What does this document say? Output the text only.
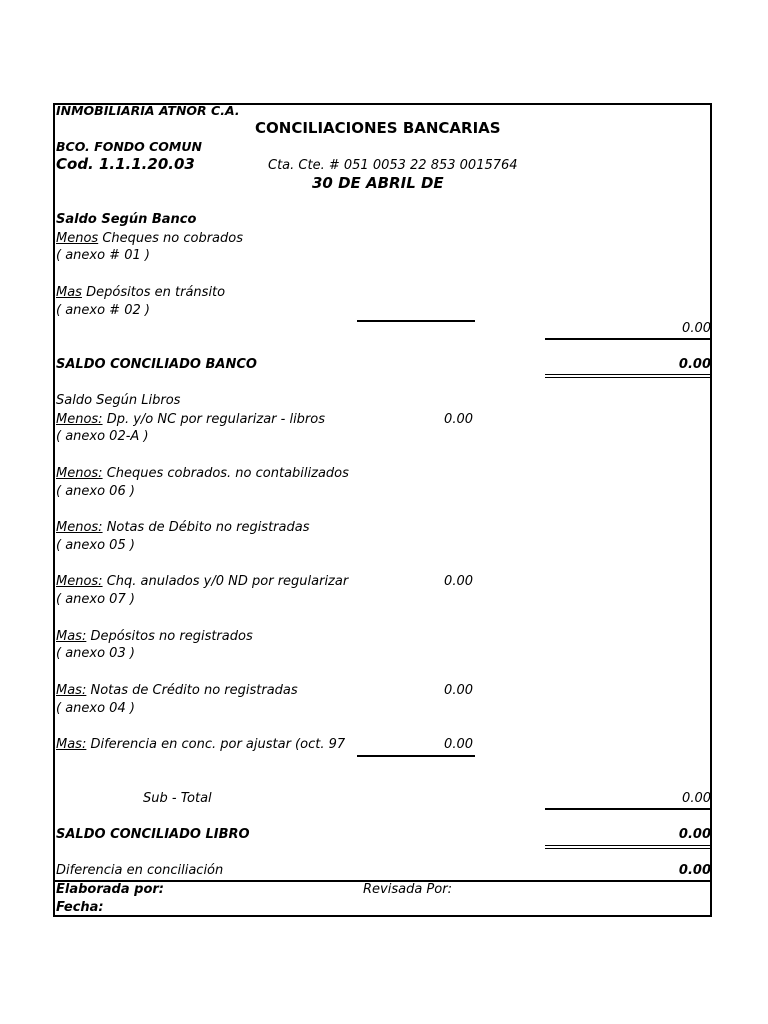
INMOBILIARIA ATNOR C.A.
CONCILIACIONES BANCARIAS
BCO. FONDO COMUN
Cod. 1.1.1.20.03	Cta. Cte. # 051 0053 22 853 0015764
30 DE ABRIL DE
Saldo Según Banco
Menos Cheques no cobrados
( anexo # 01 )
Mas Depósitos en tránsito
( anexo # 02 )
0.00
SALDO CONCILIADO BANCO	0.00
Saldo Según Libros
Menos: Dp. y/o NC por regularizar - libros	0.00
( anexo 02-A )
Menos: Cheques cobrados. no contabilizados
( anexo 06 )
Menos: Notas de Débito no registradas
( anexo 05 )
Menos: Chq. anulados y/0 ND por regularizar	0.00
( anexo 07 )
Mas: Depósitos no registrados
( anexo 03 )
Mas: Notas de Crédito no registradas	0.00
( anexo 04 )
Mas: Diferencia en conc. por ajustar (oct. 97	0.00
Sub - Total	0.00
SALDO CONCILIADO LIBRO	0.00
Diferencia en conciliación	0.00
Elaborada por:	Revisada Por:
Fecha:
